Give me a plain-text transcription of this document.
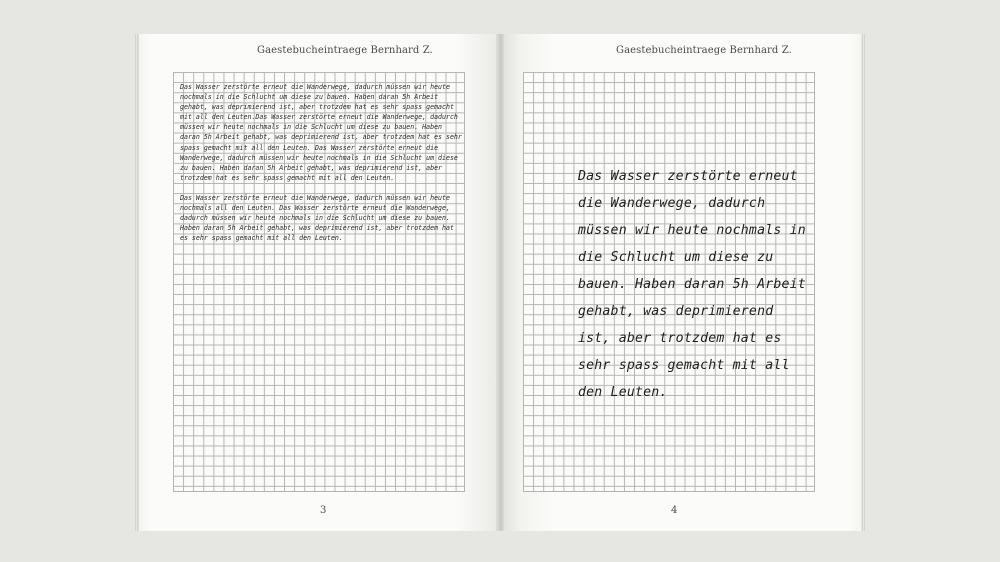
Gaestebucheintraege Bernhard Z.

Das Wasser zerstörte erneut die Wanderwege, dadurch müssen wir heute nochmals in die Schlucht um diese zu bauen. Haben daran 5h Arbeit gehabt, was deprimierend ist, aber trotzdem hat es sehr spass gemacht mit all den Leuten.Das Wasser zerstörte erneut die Wanderwege, dadurch müssen wir heute nochmals in die Schlucht um diese zu bauen. Haben daran 5h Arbeit gehabt, was deprimierend ist, aber trotzdem hat es sehr spass gemacht mit all den Leuten. Das Wasser zerstörte erneut die Wanderwege, dadurch müssen wir heute nochmals in die Schlucht um diese zu bauen. Haben daran 5h Arbeit gehabt, was deprimierend ist, aber trotzdem hat es sehr spass gemacht mit all den Leuten.

Das Wasser zerstörte erneut die Wanderwege, dadurch müssen wir heute nochmals all den Leuten. Das Wasser zerstörte erneut die Wanderwege, dadurch müssen wir heute nochmals in die Schlucht um diese zu bauen. Haben daran 5h Arbeit gehabt, was deprimierend ist, aber trotzdem hat es sehr spass gemacht mit all den Leuten.

3
Gaestebucheintraege Bernhard Z.
Das Wasser zerstörte erneut die Wanderwege, dadurch müssen wir heute nochmals in die Schlucht um diese zu bauen. Haben daran 5h Arbeit gehabt, was deprimierend ist, aber trotzdem hat es sehr spass gemacht mit all den Leuten.
4
